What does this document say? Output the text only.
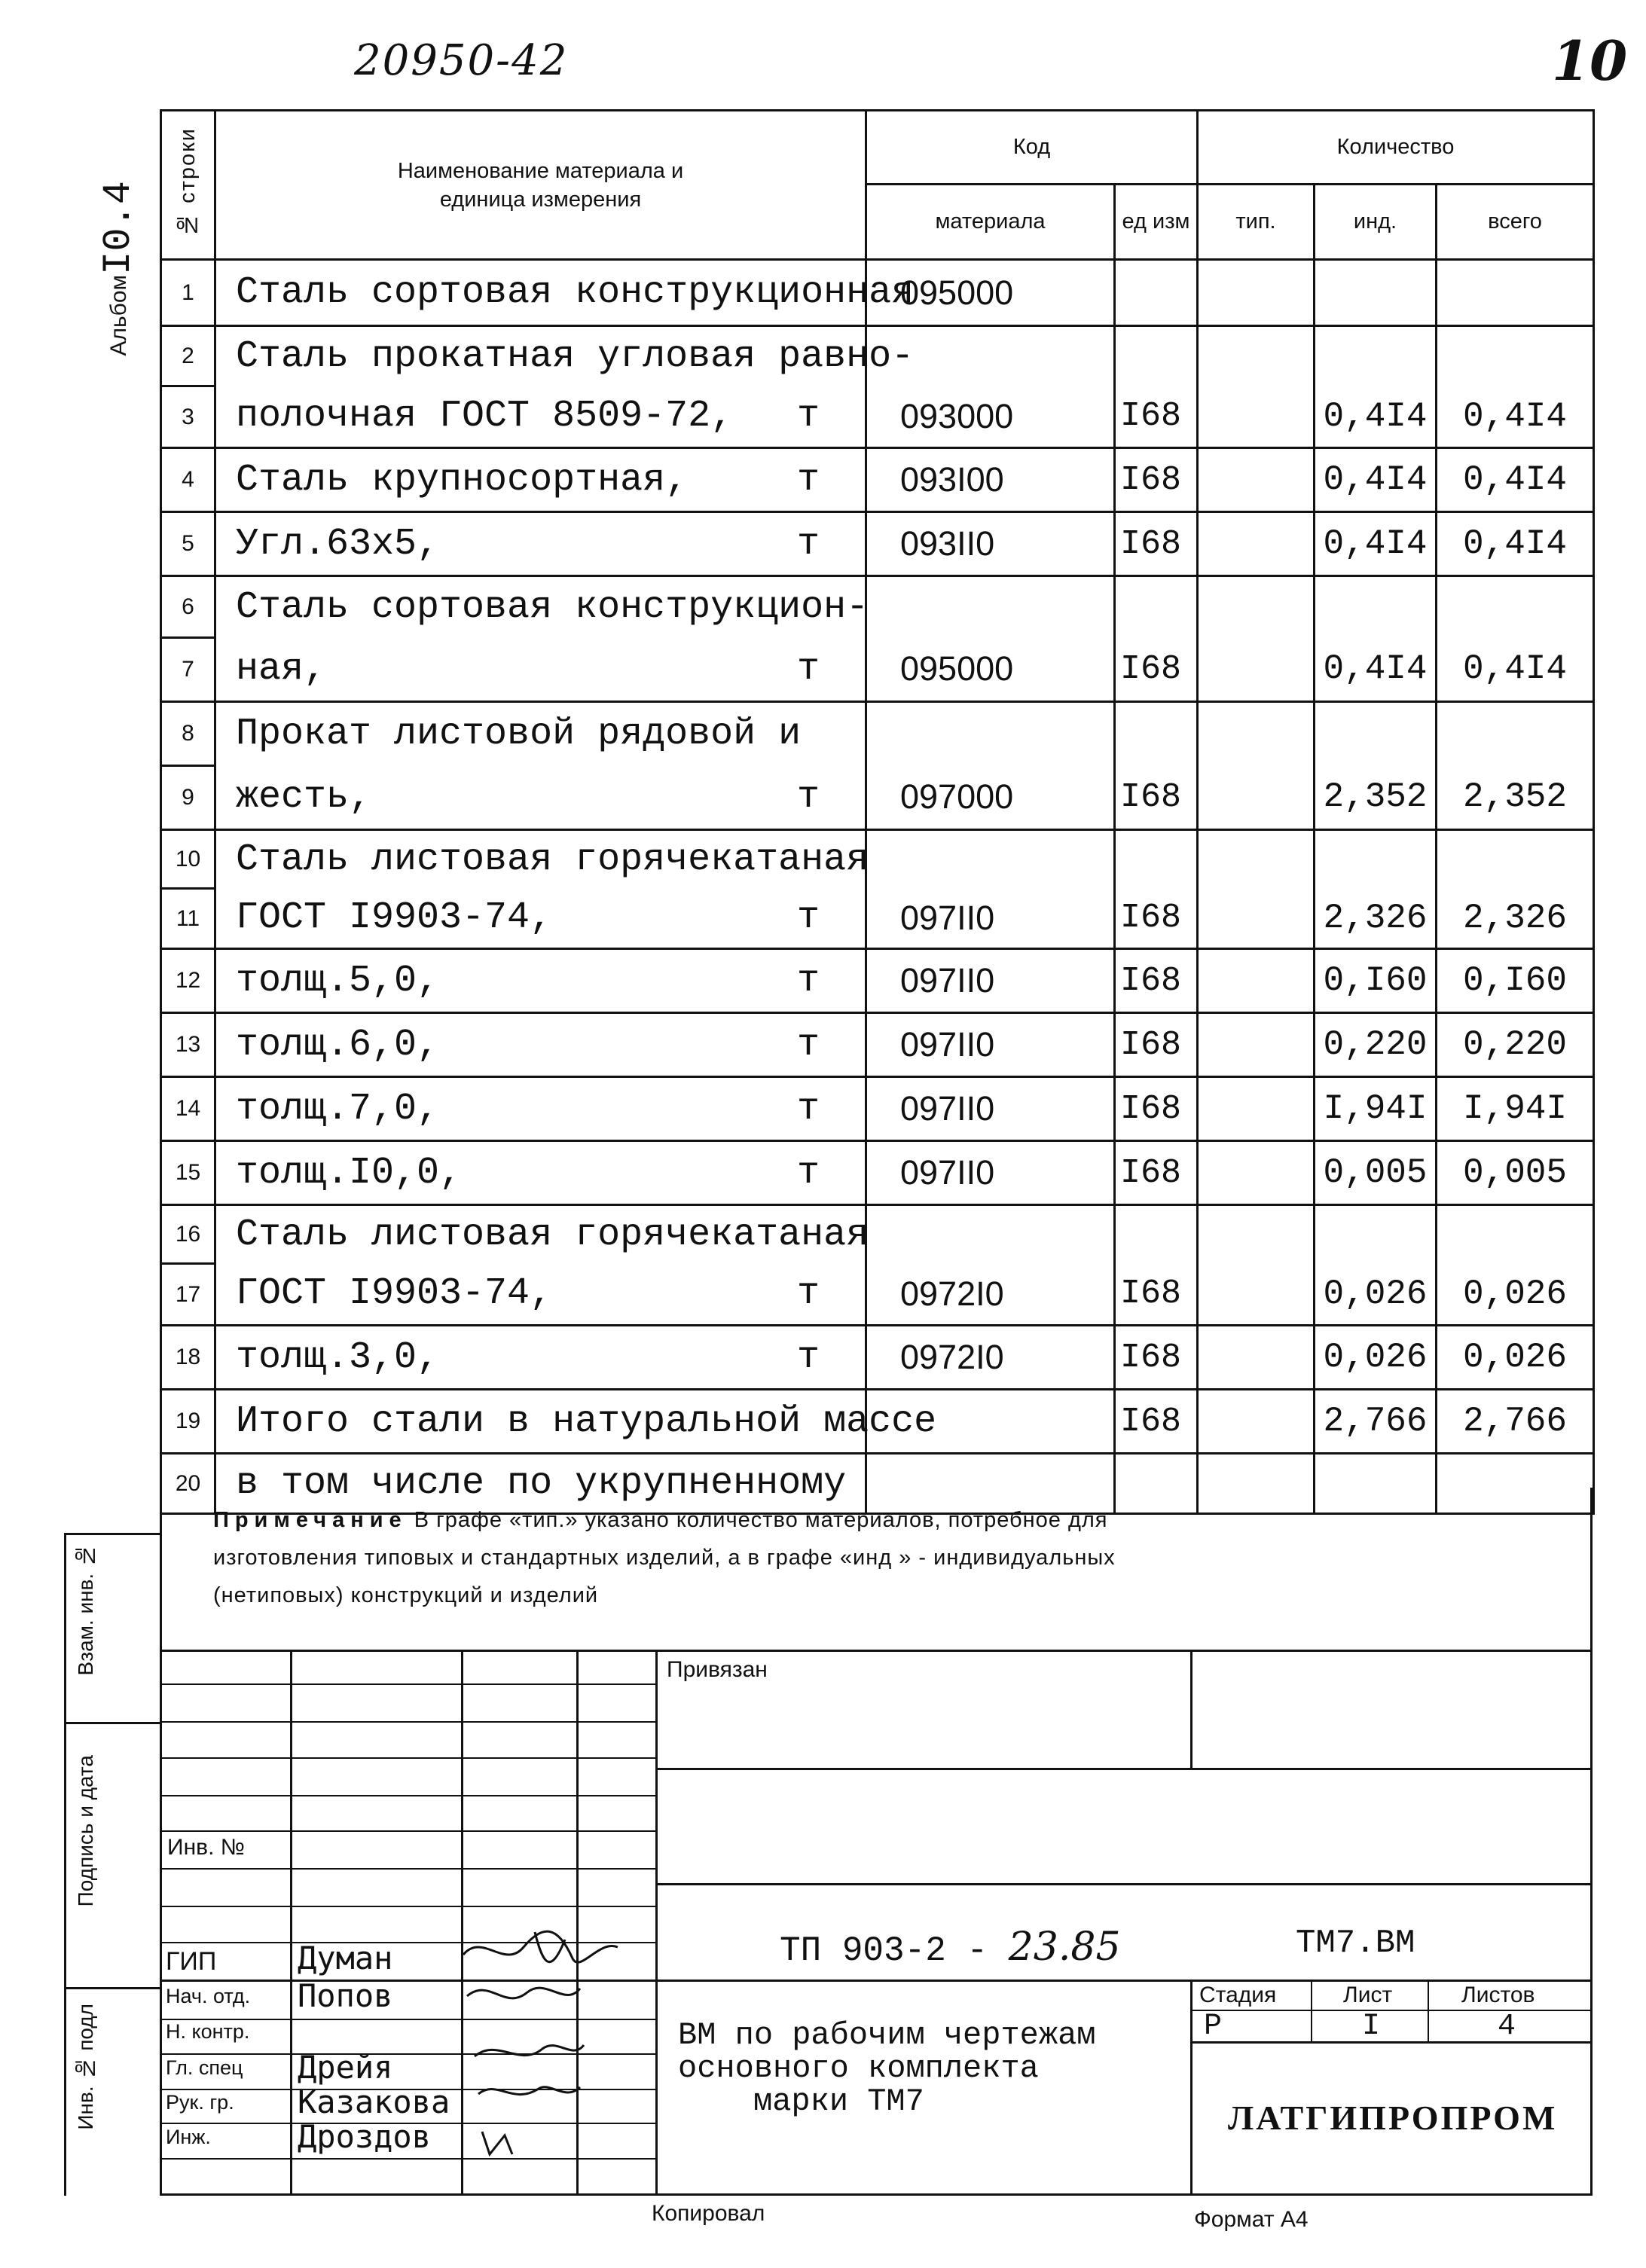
20950-42	10
АльбомI0.4 № строки	Наименование материала и единица измерения	Код		Количество		
		материала	ед изм	тип.	инд.	всего
1	Сталь сортовая конструкционная	095000				
2	Сталь прокатная угловая равно-					
3	полочная ГОСТ 8509-72, т	093000	I68		0,4I4	0,4I4
4	Сталь крупносортная, т	093I00	I68		0,4I4	0,4I4
5	Угл.63х5, т	093II0	I68		0,4I4	0,4I4
6	Сталь сортовая конструкцион-					
7	ная, т	095000	I68		0,4I4	0,4I4
8	Прокат листовой рядовой и					
9	жесть, т	097000	I68		2,352	2,352
10	Сталь листовая горячекатаная					
11	ГОСТ I9903-74, т	097II0	I68		2,326	2,326
12	толщ.5,0, т	097II0	I68		0,I60	0,I60
13	толщ.6,0, т	097II0	I68		0,220	0,220
14	толщ.7,0, т	097II0	I68		I,94I	I,94I
15	толщ.I0,0, т	097II0	I68		0,005	0,005
16	Сталь листовая горячекатаная					
17	ГОСТ I9903-74, т	0972I0	I68		0,026	0,026
18	толщ.3,0, т	0972I0	I68		0,026	0,026
19	Итого стали в натуральной массе		I68		2,766	2,766
20	в том числе по укрупненному					
Примечание В графе «тип.» указано количество материалов, потребное для
изготовления типовых и стандартных изделий, а в графе «инд » - индивидуальных
(нетиповых) конструкций и изделий
Взам. инв. №
Подпись и дата
Инв. № подл
Привязан
Инв. №
ТП 903-2 - 23.85	ТМ7.ВМ
ГИП	Думан
Нач. отд. Попов
Н. контр.
Гл. спец Дрейя
Рук. гр. Казакова
Инж.	Дроздов
ВМ по рабочим чертежам
основного комплекта
марки ТМ7
Стадия	Лист	Листов
Р	I	4
ЛАТГИПРОПРОМ
Копировал	Формат А4
